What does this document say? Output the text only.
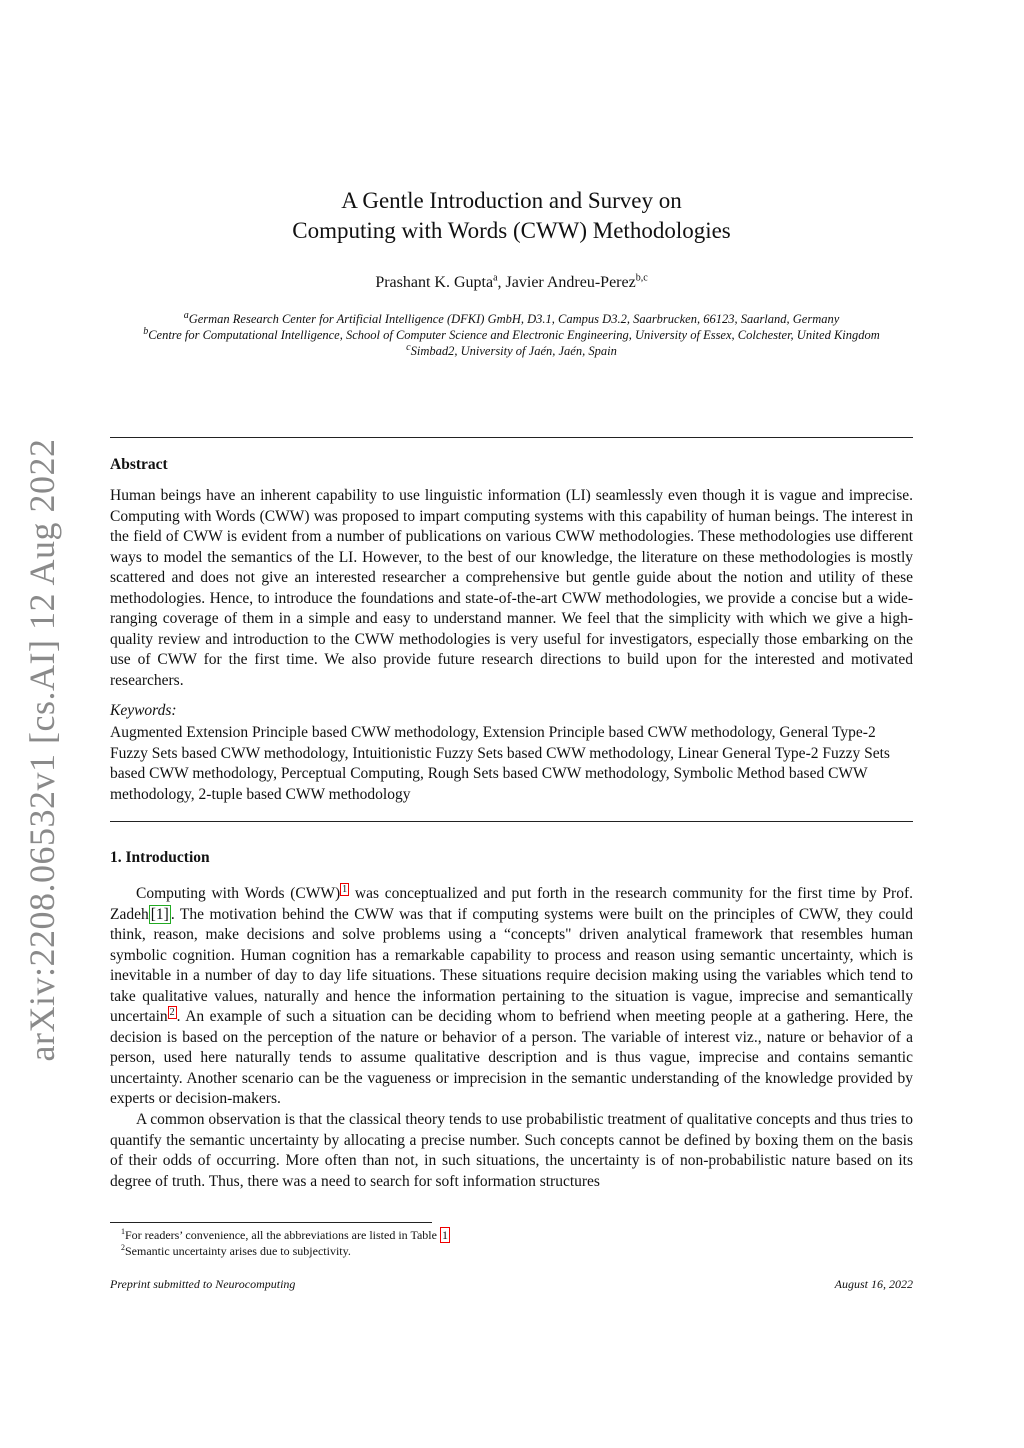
arXiv:2208.06532v1 [cs.AI] 12 Aug 2022
A Gentle Introduction and Survey on
Computing with Words (CWW) Methodologies
Prashant K. Gupta$^a$, Javier Andreu-Perez$^{b,c}$
$^a$German Research Center for Artificial Intelligence (DFKI) GmbH, D3.1, Campus D3.2, Saarbrucken, 66123, Saarland, Germany
$^b$Centre for Computational Intelligence, School of Computer Science and Electronic Engineering, University of Essex, Colchester, United Kingdom
$^c$Simbad2, University of Jaén, Jaén, Spain
Abstract
Human beings have an inherent capability to use linguistic information (LI) seamlessly even though it is vague and imprecise. Computing with Words (CWW) was proposed to impart computing systems with this capability of human beings. The interest in the field of CWW is evident from a number of publications on various CWW methodologies. These methodologies use different ways to model the semantics of the LI. However, to the best of our knowledge, the literature on these methodologies is mostly scattered and does not give an interested researcher a comprehensive but gentle guide about the notion and utility of these methodologies. Hence, to introduce the foundations and state-of-the-art CWW methodologies, we provide a concise but a wide-ranging coverage of them in a simple and easy to understand manner. We feel that the simplicity with which we give a high-quality review and introduction to the CWW methodologies is very useful for investigators, especially those embarking on the use of CWW for the first time. We also provide future research directions to build upon for the interested and motivated researchers.
Keywords:
Augmented Extension Principle based CWW methodology, Extension Principle based CWW methodology, General Type-2 Fuzzy Sets based CWW methodology, Intuitionistic Fuzzy Sets based CWW methodology, Linear General Type-2 Fuzzy Sets based CWW methodology, Perceptual Computing, Rough Sets based CWW methodology, Symbolic Method based CWW methodology, 2-tuple based CWW methodology
1. Introduction
Computing with Words (CWW) $^1$ was conceptualized and put forth in the research community for the first time by Prof. Zadeh [1] . The motivation behind the CWW was that if computing systems were built on the principles of CWW, they could think, reason, make decisions and solve problems using a “concepts" driven analytical framework that resembles human symbolic cognition. Human cognition has a remarkable capability to process and reason using semantic uncertainty, which is inevitable in a number of day to day life situations. These situations require decision making using the variables which tend to take qualitative values, naturally and hence the information pertaining to the situation is vague, imprecise and semantically uncertain $^2$ . An example of such a situation can be deciding whom to befriend when meeting people at a gathering. Here, the decision is based on the perception of the nature or behavior of a person. The variable of interest viz., nature or behavior of a person, used here naturally tends to assume qualitative description and is thus vague, imprecise and contains semantic uncertainty. Another scenario can be the vagueness or imprecision in the semantic understanding of the knowledge provided by experts or decision-makers.
A common observation is that the classical theory tends to use probabilistic treatment of qualitative concepts and thus tries to quantify the semantic uncertainty by allocating a precise number. Such concepts cannot be defined by boxing them on the basis of their odds of occurring. More often than not, in such situations, the uncertainty is of non-probabilistic nature based on its degree of truth. Thus, there was a need to search for soft information structures
$^1$For readers’ convenience, all the abbreviations are listed in Table 1
$^2$Semantic uncertainty arises due to subjectivity.
Preprint submitted to Neurocomputing	August 16, 2022
